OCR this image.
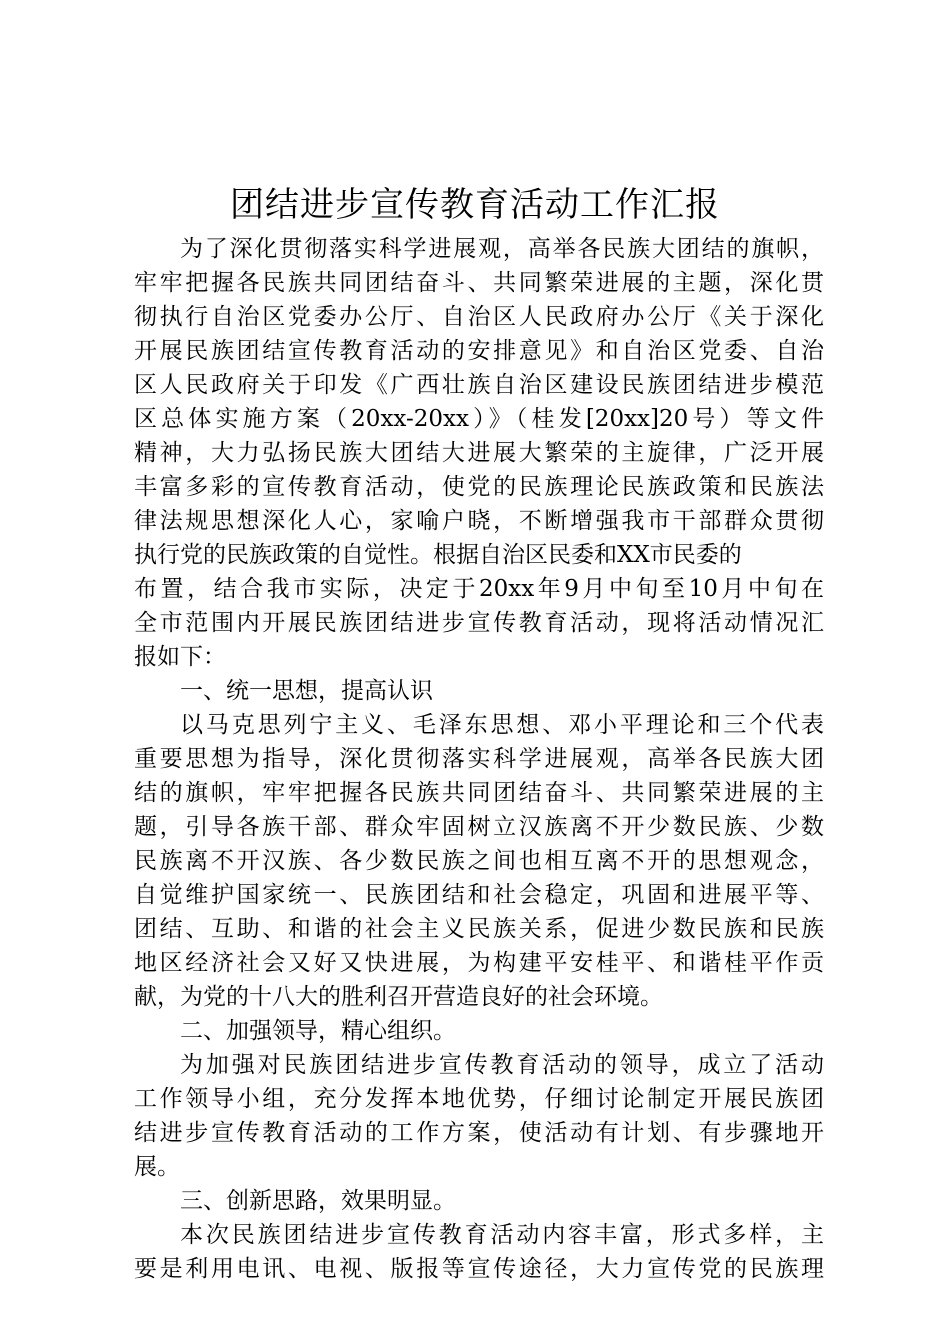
团结进步宣传教育活动工作汇报
为了深化贯彻落实科学进展观，高举各民族大团结的旗帜，
牢牢把握各民族共同团结奋斗、共同繁荣进展的主题，深化贯
彻执行自治区党委办公厅、自治区人民政府办公厅《关于深化
开展民族团结宣传教育活动的安排意见》和自治区党委、自治
区人民政府关于印发《广西壮族自治区建设民族团结进步模范
区总体实施方案（20xx-20xx）》（桂发[20xx]20号）等文件
精神，大力弘扬民族大团结大进展大繁荣的主旋律，广泛开展
丰富多彩的宣传教育活动，使党的民族理论民族政策和民族法
律法规思想深化人心，家喻户晓，不断增强我市干部群众贯彻
执行党的民族政策的自觉性。根据自治区民委和XX市民委的
布置，结合我市实际，决定于20xx年9月中旬至10月中旬在
全市范围内开展民族团结进步宣传教育活动，现将活动情况汇
报如下：
一、统一思想，提高认识
以马克思列宁主义、毛泽东思想、邓小平理论和三个代表
重要思想为指导，深化贯彻落实科学进展观，高举各民族大团
结的旗帜，牢牢把握各民族共同团结奋斗、共同繁荣进展的主
题，引导各族干部、群众牢固树立汉族离不开少数民族、少数
民族离不开汉族、各少数民族之间也相互离不开的思想观念，
自觉维护国家统一、民族团结和社会稳定，巩固和进展平等、
团结、互助、和谐的社会主义民族关系，促进少数民族和民族
地区经济社会又好又快进展，为构建平安桂平、和谐桂平作贡
献，为党的十八大的胜利召开营造良好的社会环境。
二、加强领导，精心组织。
为加强对民族团结进步宣传教育活动的领导，成立了活动
工作领导小组，充分发挥本地优势，仔细讨论制定开展民族团
结进步宣传教育活动的工作方案，使活动有计划、有步骤地开
展。
三、创新思路，效果明显。
本次民族团结进步宣传教育活动内容丰富，形式多样，主
要是利用电讯、电视、版报等宣传途径，大力宣传党的民族理
